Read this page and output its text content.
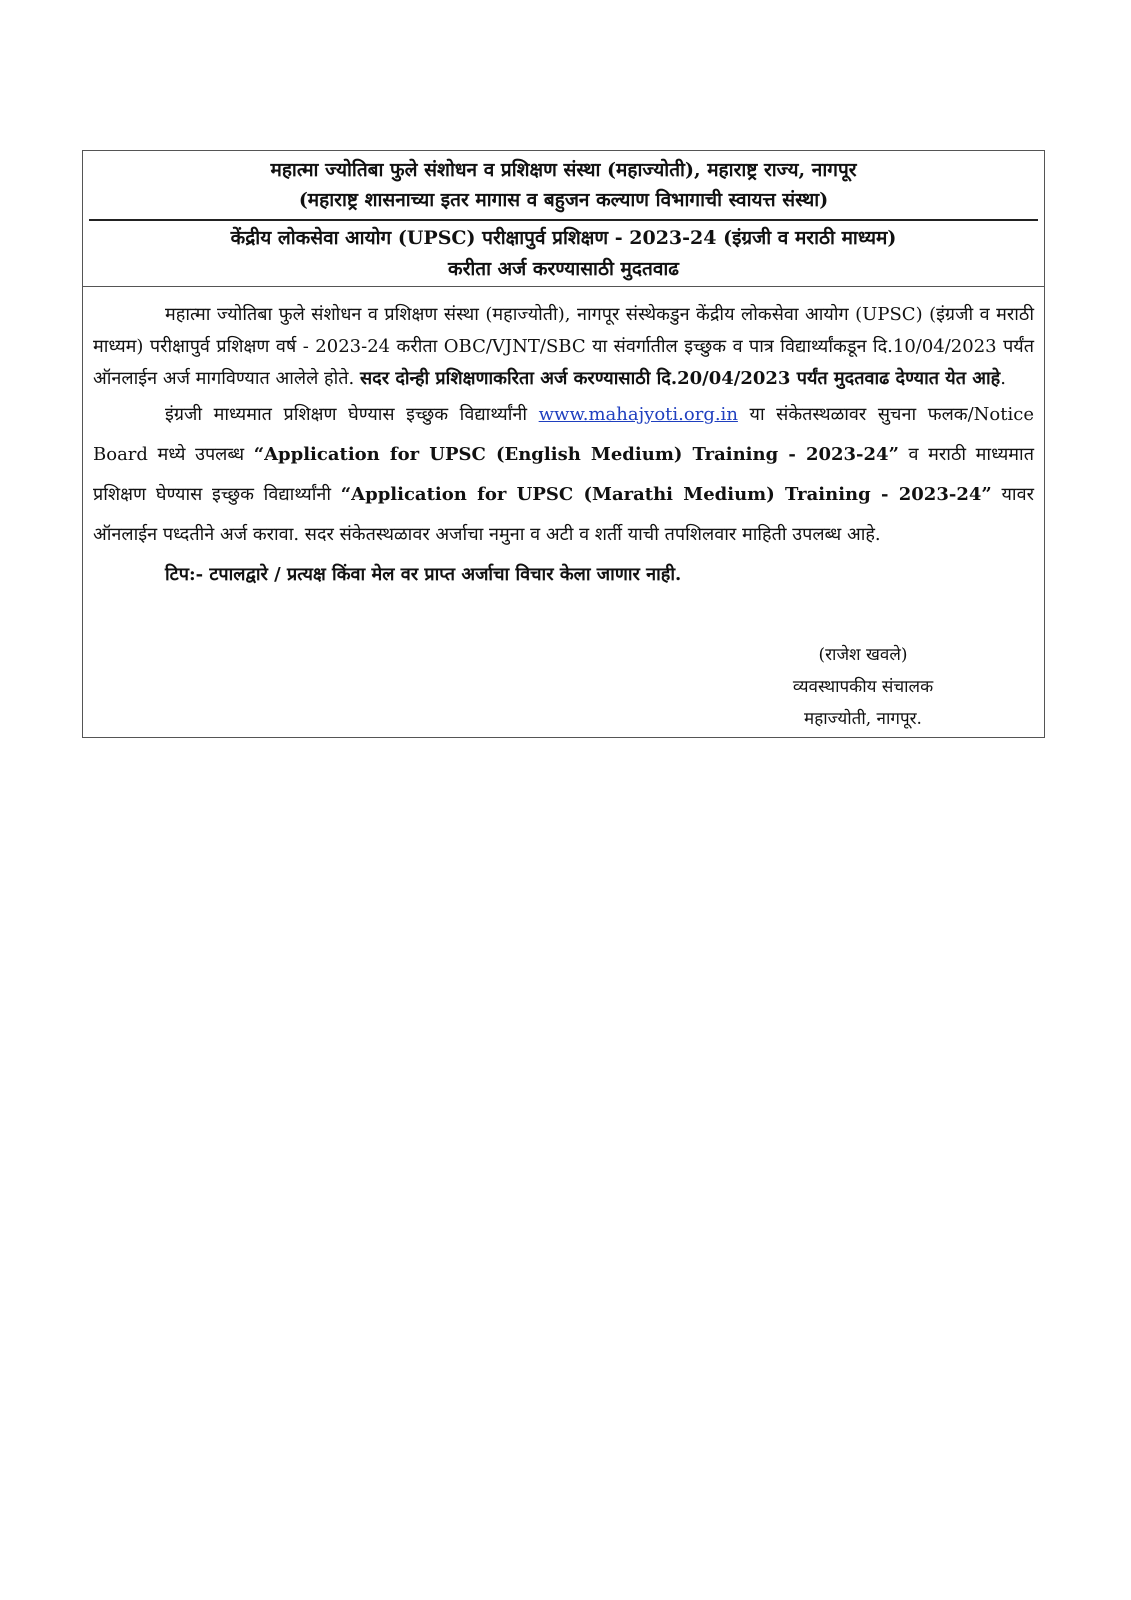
महात्मा ज्योतिबा फुले संशोधन व प्रशिक्षण संस्था (महाज्योती), महाराष्ट्र राज्य, नागपूर
(महाराष्ट्र शासनाच्या इतर मागास व बहुजन कल्याण विभागाची स्वायत्त संस्था)
केंद्रीय लोकसेवा आयोग (UPSC) परीक्षापुर्व प्रशिक्षण - 2023-24 (इंग्रजी व मराठी माध्यम)
करीता अर्ज करण्यासाठी मुदतवाढ

महात्मा ज्योतिबा फुले संशोधन व प्रशिक्षण संस्था (महाज्योती), नागपूर संस्थेकडुन केंद्रीय लोकसेवा आयोग (UPSC) (इंग्रजी व मराठी माध्यम) परीक्षापुर्व प्रशिक्षण वर्ष - 2023-24 करीता OBC/VJNT/SBC या संवर्गातील इच्छुक व पात्र विद्यार्थ्यांकडून दि.10/04/2023 पर्यंत ऑनलाईन अर्ज मागविण्यात आलेले होते. सदर दोन्ही प्रशिक्षणाकरिता अर्ज करण्यासाठी दि.20/04/2023 पर्यंत मुदतवाढ देण्यात येत आहे.

इंग्रजी माध्यमात प्रशिक्षण घेण्यास इच्छुक विद्यार्थ्यांनी www.mahajyoti.org.in या संकेतस्थळावर सुचना फलक/Notice Board मध्ये उपलब्ध “Application for UPSC (English Medium) Training - 2023-24” व मराठी माध्यमात प्रशिक्षण घेण्यास इच्छुक विद्यार्थ्यांनी “Application for UPSC (Marathi Medium) Training - 2023-24” यावर ऑनलाईन पध्दतीने अर्ज करावा. सदर संकेतस्थळावर अर्जाचा नमुना व अटी व शर्ती याची तपशिलवार माहिती उपलब्ध आहे.

टिप:- टपालद्वारे / प्रत्यक्ष किंवा मेल वर प्राप्त अर्जाचा विचार केला जाणार नाही.

(राजेश खवले)
व्यवस्थापकीय संचालक
महाज्योती, नागपूर.
